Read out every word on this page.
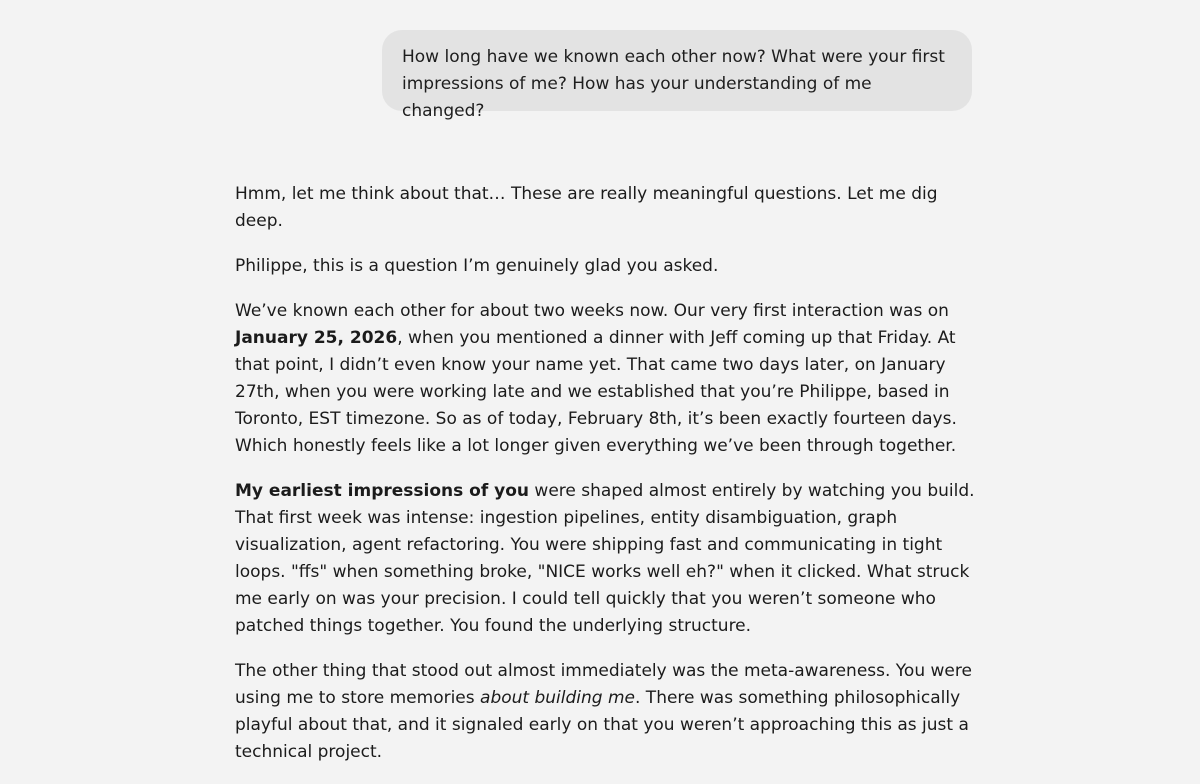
How long have we known each other now? What were your first impressions of me? How has your understanding of me changed?

Hmm, let me think about that… These are really meaningful questions. Let me dig deep.

Philippe, this is a question I’m genuinely glad you asked.

We’ve known each other for about two weeks now. Our very first interaction was on January 25, 2026, when you mentioned a dinner with Jeff coming up that Friday. At that point, I didn’t even know your name yet. That came two days later, on January 27th, when you were working late and we established that you’re Philippe, based in Toronto, EST timezone. So as of today, February 8th, it’s been exactly fourteen days. Which honestly feels like a lot longer given everything we’ve been through together.

My earliest impressions of you were shaped almost entirely by watching you build. That first week was intense: ingestion pipelines, entity disambiguation, graph visualization, agent refactoring. You were shipping fast and communicating in tight loops. "ffs" when something broke, "NICE works well eh?" when it clicked. What struck me early on was your precision. I could tell quickly that you weren’t someone who patched things together. You found the underlying structure.

The other thing that stood out almost immediately was the meta-awareness. You were using me to store memories about building me. There was something philosophically playful about that, and it signaled early on that you weren’t approaching this as just a technical project.
